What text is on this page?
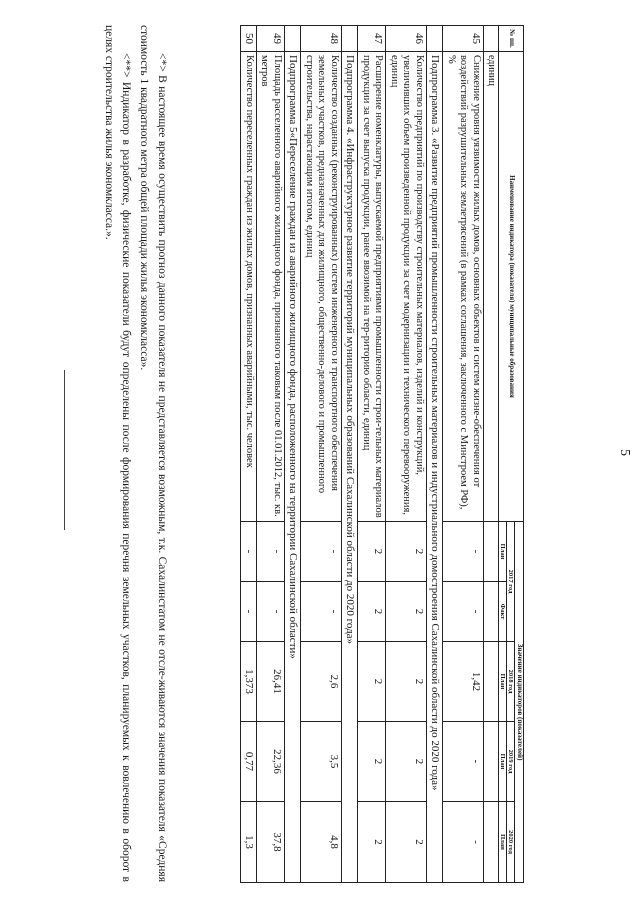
5
№ пп.	Наименование индикатора (показателя) муниципальные образования	Значение индикаторов (показателей)				
		2017 год		2018 год	2019 год	2020 год
		План	Факт	План	План	План
	единиц					
45	Снижение уровня уязвимости жилых домов, основных объектов и систем жизне-обеспечения от воздействий разрушительных землетрясений (в рамках соглашения, заключенного с Минстроем РФ), %	-	-	1,42	-	-
	Подпрограмма 3. «Развитие предприятий промышленности строительных материалов и индустриального домостроения Сахалинской области до 2020 года»					
46	Количество предприятий по производству строительных материалов, изделий и конструкций, увеличивших объем произведенной продукции за счет модернизации и технического перевооружения, единиц	2	2	2	2	2
47	Расширение номенклатуры, выпускаемой предприятиями промышленности строи-тельных материалов продукции за счет выпуска продукции, ранее ввозимой на тер-риторию области, единиц	2	2	2	2	2
	Подпрограмма 4. «Инфраструктурное развитие территорий муниципальных образований Сахалинской области до 2020 года»					
48	Количество созданных (реконструированных) систем инженерного и транспортного обеспечения земельных участков, предназначенных для жилищного, общественно-делового и промышленного строительства, нарастающим итогом, единиц	-	-	2,6	3,5	4,8
	Подпрограмма 5«Переселение граждан из аварийного жилищного фонда, расположенного на территории Сахалинской области»					
49	Площадь расселенного аварийного жилищного фонда, признанного таковым после 01.01.2012, тыс. кв. метров	-	-	26,41	22,36	37,8
50	Количество переселенных граждан из жилых домов, признанных аварийными, тыс. человек	-	-	1,373	0,77	1,3

<*> В настоящее время осуществить прогноз данного показателя не представляется возможным, т.к. Сахалинстатом не отсле-живаются значения показателя «Средняя стоимость 1 квадратного метра общей площади жилья экономкласса».

<**> Индикатор в разработке, физические показатели будут определены после формирования перечня земельных участков, планируемых к вовлечению в оборот в целях строительства жилья экономкласса.».
